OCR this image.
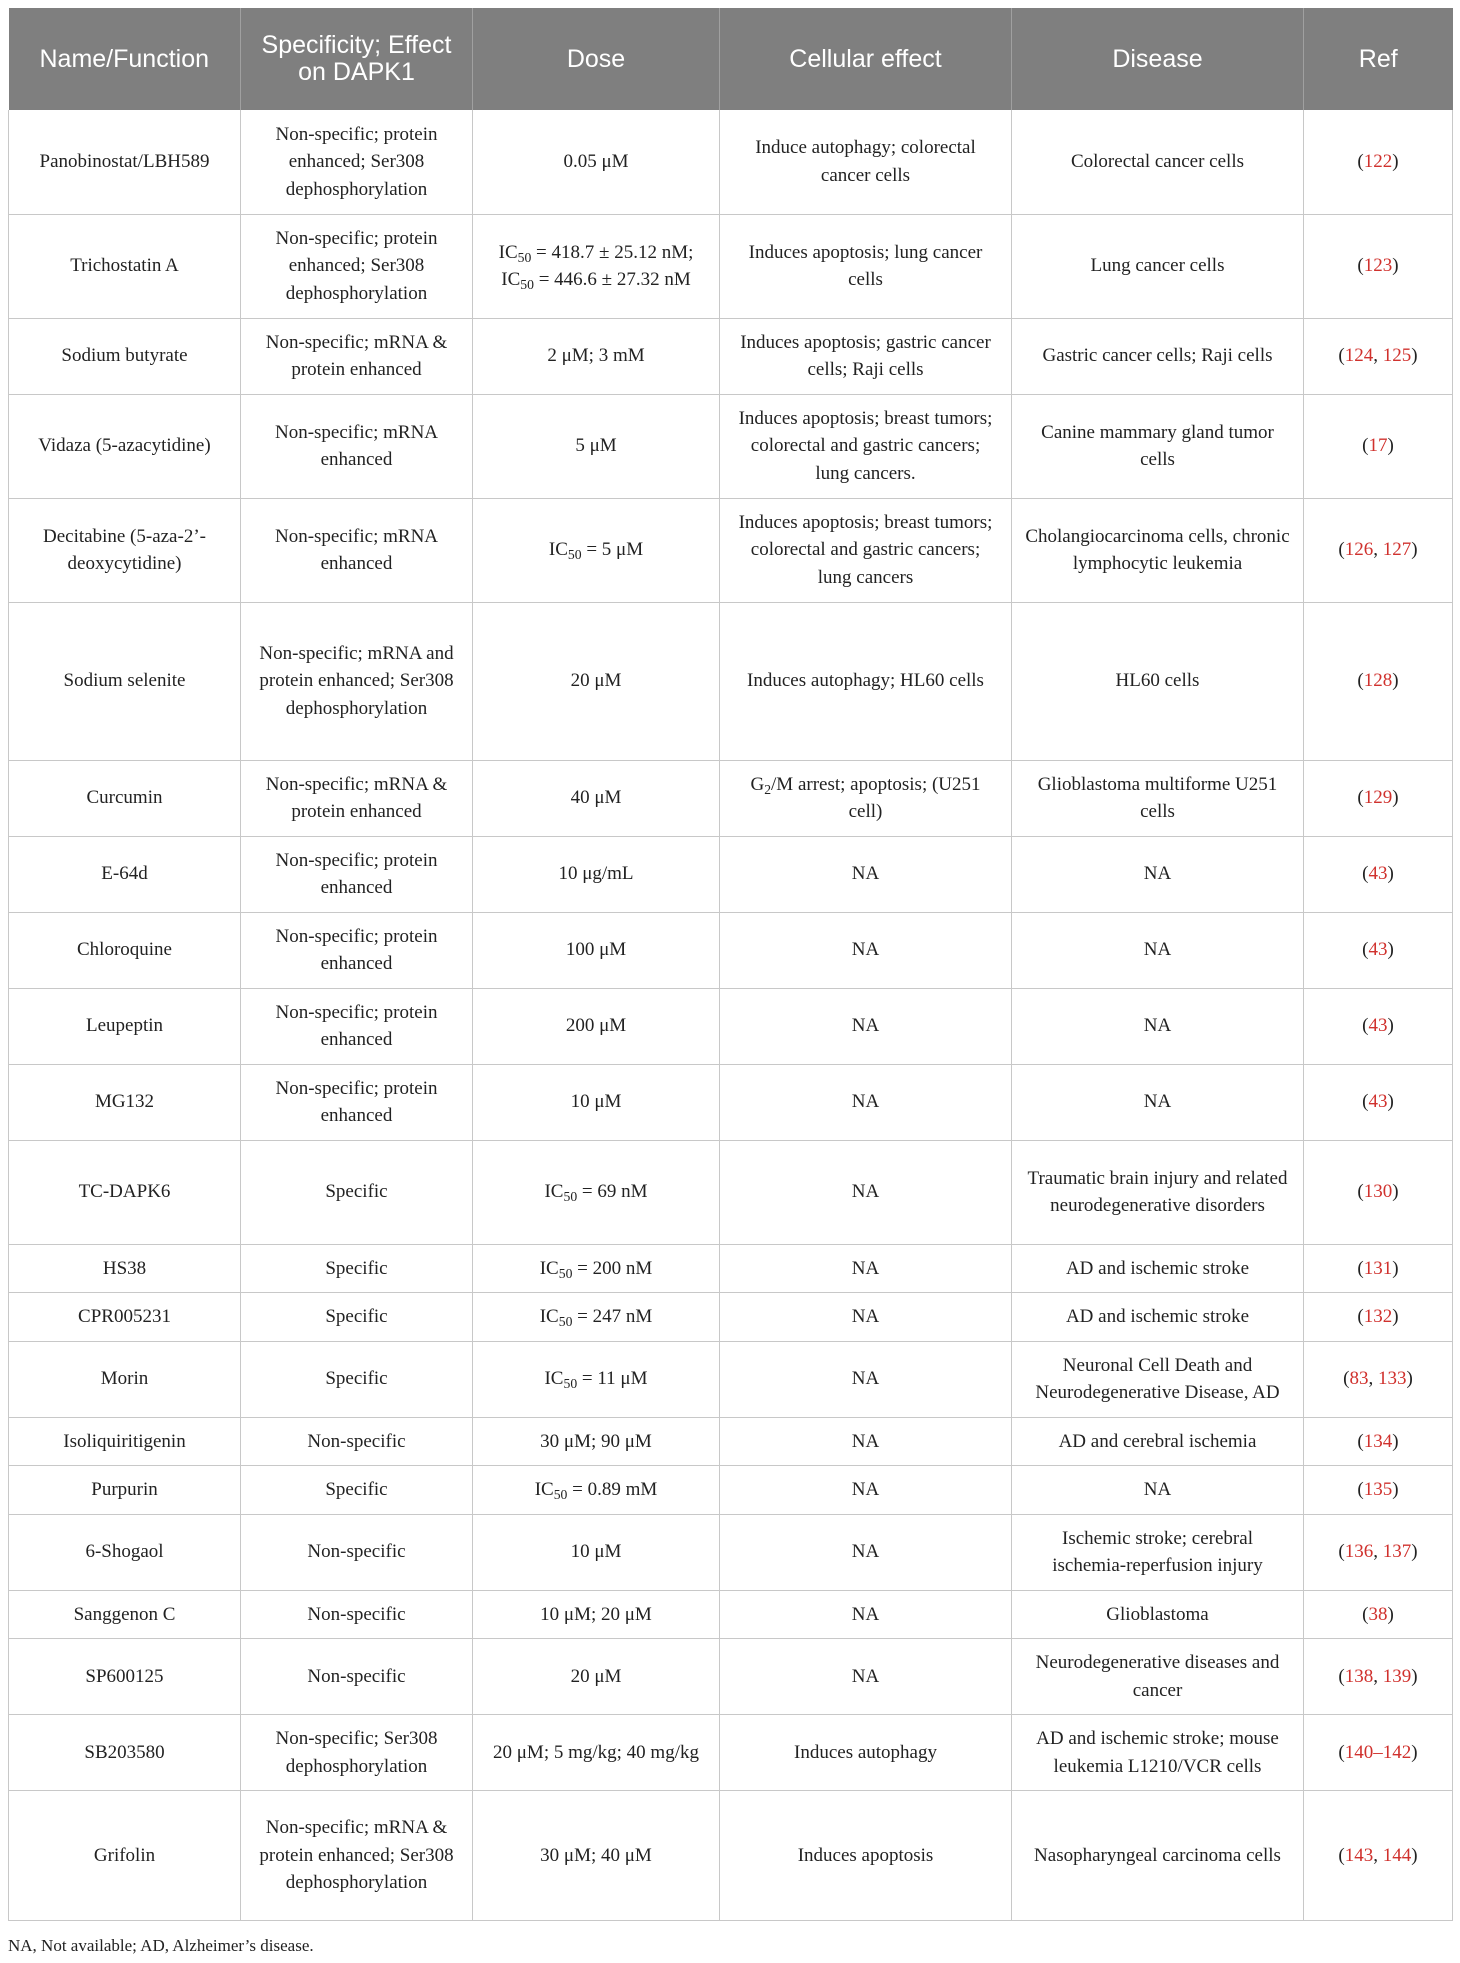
Name/Function	Specificity; Effect on DAPK1	Dose	Cellular effect	Disease	Ref
Panobinostat/LBH589	Non-specific; protein enhanced; Ser308 dephosphorylation	0.05 μM	Induce autophagy; colorectal cancer cells	Colorectal cancer cells	(122)
Trichostatin A	Non-specific; protein enhanced; Ser308 dephosphorylation	$IC_{50} = 418.7 \pm 25.12$ nM; $IC_{50} = 446.6 \pm 27.32$ nM	Induces apoptosis; lung cancer cells	Lung cancer cells	(123)
Sodium butyrate	Non-specific; mRNA & protein enhanced	2 μM; 3 mM	Induces apoptosis; gastric cancer cells; Raji cells	Gastric cancer cells; Raji cells	(124, 125)
Vidaza (5-azacytidine)	Non-specific; mRNA enhanced	5 μM	Induces apoptosis; breast tumors; colorectal and gastric cancers; lung cancers.	Canine mammary gland tumor cells	(17)
Decitabine (5-aza-2’-deoxycytidine)	Non-specific; mRNA enhanced	$IC_{50} = 5$ μM	Induces apoptosis; breast tumors; colorectal and gastric cancers; lung cancers	Cholangiocarcinoma cells, chronic lymphocytic leukemia	(126, 127)
Sodium selenite	Non-specific; mRNA and protein enhanced; Ser308 dephosphorylation	20 μM	Induces autophagy; HL60 cells	HL60 cells	(128)
Curcumin	Non-specific; mRNA & protein enhanced	40 μM	$G_2/M$ arrest; apoptosis; (U251 cell)	Glioblastoma multiforme U251 cells	(129)
E-64d	Non-specific; protein enhanced	10 μg/mL	NA	NA	(43)
Chloroquine	Non-specific; protein enhanced	100 μM	NA	NA	(43)
Leupeptin	Non-specific; protein enhanced	200 μM	NA	NA	(43)
MG132	Non-specific; protein enhanced	10 μM	NA	NA	(43)
TC-DAPK6	Specific	$IC_{50} = 69$ nM	NA	Traumatic brain injury and related neurodegenerative disorders	(130)
HS38	Specific	$IC_{50} = 200$ nM	NA	AD and ischemic stroke	(131)
CPR005231	Specific	$IC_{50} = 247$ nM	NA	AD and ischemic stroke	(132)
Morin	Specific	$IC_{50} = 11$ μM	NA	Neuronal Cell Death and Neurodegenerative Disease, AD	(83, 133)
Isoliquiritigenin	Non-specific	30 μM; 90 μM	NA	AD and cerebral ischemia	(134)
Purpurin	Specific	$IC_{50} = 0.89$ mM	NA	NA	(135)
6-Shogaol	Non-specific	10 μM	NA	Ischemic stroke; cerebral ischemia-reperfusion injury	(136, 137)
Sanggenon C	Non-specific	10 μM; 20 μM	NA	Glioblastoma	(38)
SP600125	Non-specific	20 μM	NA	Neurodegenerative diseases and cancer	(138, 139)
SB203580	Non-specific; Ser308 dephosphorylation	20 μM; 5 mg/kg; 40 mg/kg	Induces autophagy	AD and ischemic stroke; mouse leukemia L1210/VCR cells	(140–142)
Grifolin	Non-specific; mRNA & protein enhanced; Ser308 dephosphorylation	30 μM; 40 μM	Induces apoptosis	Nasopharyngeal carcinoma cells	(143, 144)
NA, Not available; AD, Alzheimer’s disease.
